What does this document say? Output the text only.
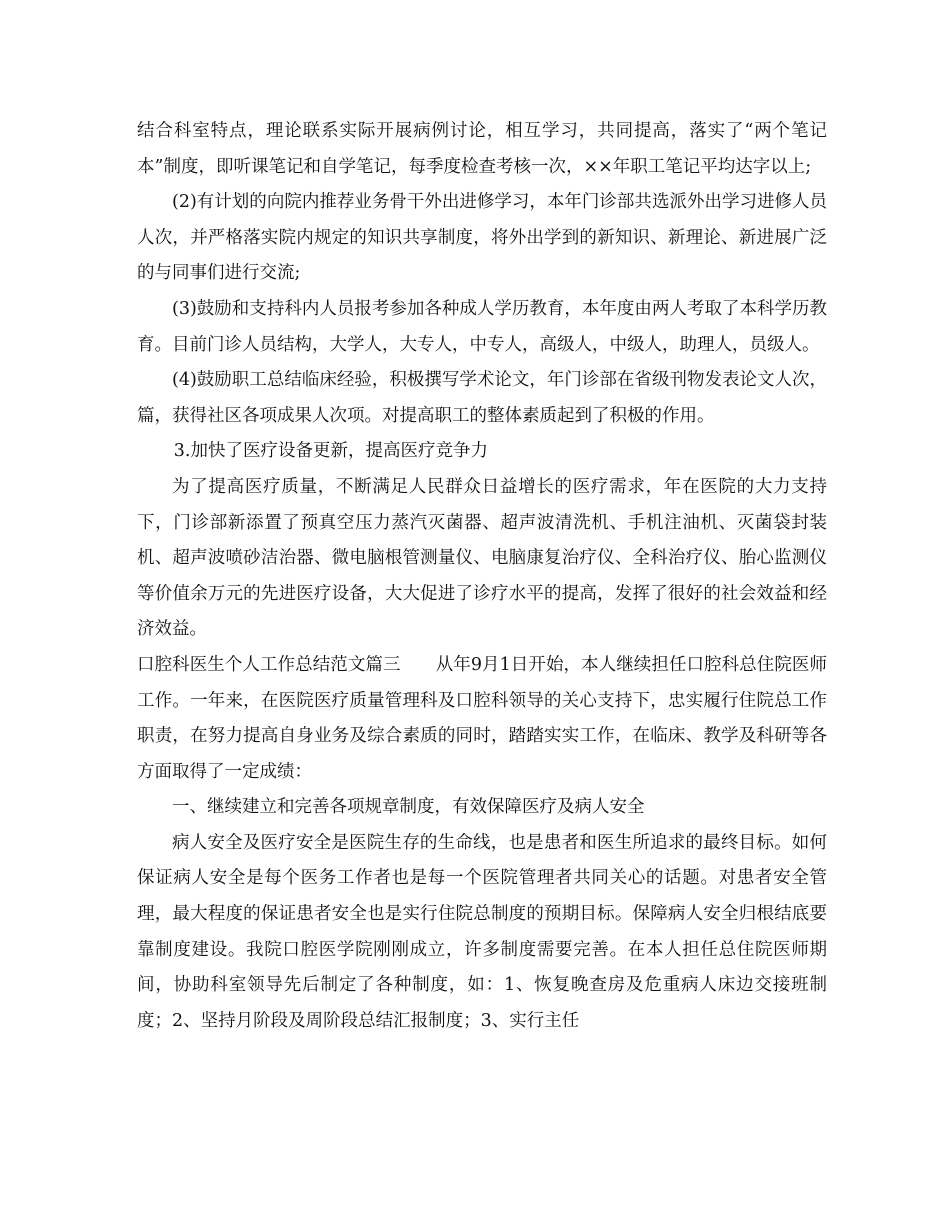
结合科室特点，理论联系实际开展病例讨论，相互学习，共同提高，落实了“两个笔记本”制度，即听课笔记和自学笔记，每季度检查考核一次，××年职工笔记平均达字以上;

(2)有计划的向院内推荐业务骨干外出进修学习，本年门诊部共选派外出学习进修人员人次，并严格落实院内规定的知识共享制度，将外出学到的新知识、新理论、新进展广泛的与同事们进行交流;

(3)鼓励和支持科内人员报考参加各种成人学历教育，本年度由两人考取了本科学历教育。目前门诊人员结构，大学人，大专人，中专人，高级人，中级人，助理人，员级人。

(4)鼓励职工总结临床经验，积极撰写学术论文，年门诊部在省级刊物发表论文人次，篇，获得社区各项成果人次项。对提高职工的整体素质起到了积极的作用。

3.加快了医疗设备更新，提高医疗竞争力

为了提高医疗质量，不断满足人民群众日益增长的医疗需求，年在医院的大力支持下，门诊部新添置了预真空压力蒸汽灭菌器、超声波清洗机、手机注油机、灭菌袋封装机、超声波喷砂洁治器、微电脑根管测量仪、电脑康复治疗仪、全科治疗仪、胎心监测仪等价值余万元的先进医疗设备，大大促进了诊疗水平的提高，发挥了很好的社会效益和经济效益。

口腔科医生个人工作总结范文篇三　　从年9月1日开始，本人继续担任口腔科总住院医师工作。一年来，在医院医疗质量管理科及口腔科领导的关心支持下，忠实履行住院总工作职责，在努力提高自身业务及综合素质的同时，踏踏实实工作，在临床、教学及科研等各方面取得了一定成绩：

一、继续建立和完善各项规章制度，有效保障医疗及病人安全

病人安全及医疗安全是医院生存的生命线，也是患者和医生所追求的最终目标。如何保证病人安全是每个医务工作者也是每一个医院管理者共同关心的话题。对患者安全管理，最大程度的保证患者安全也是实行住院总制度的预期目标。保障病人安全归根结底要靠制度建设。我院口腔医学院刚刚成立，许多制度需要完善。在本人担任总住院医师期间，协助科室领导先后制定了各种制度，如：1、恢复晚查房及危重病人床边交接班制度；2、坚持月阶段及周阶段总结汇报制度；3、实行主任
